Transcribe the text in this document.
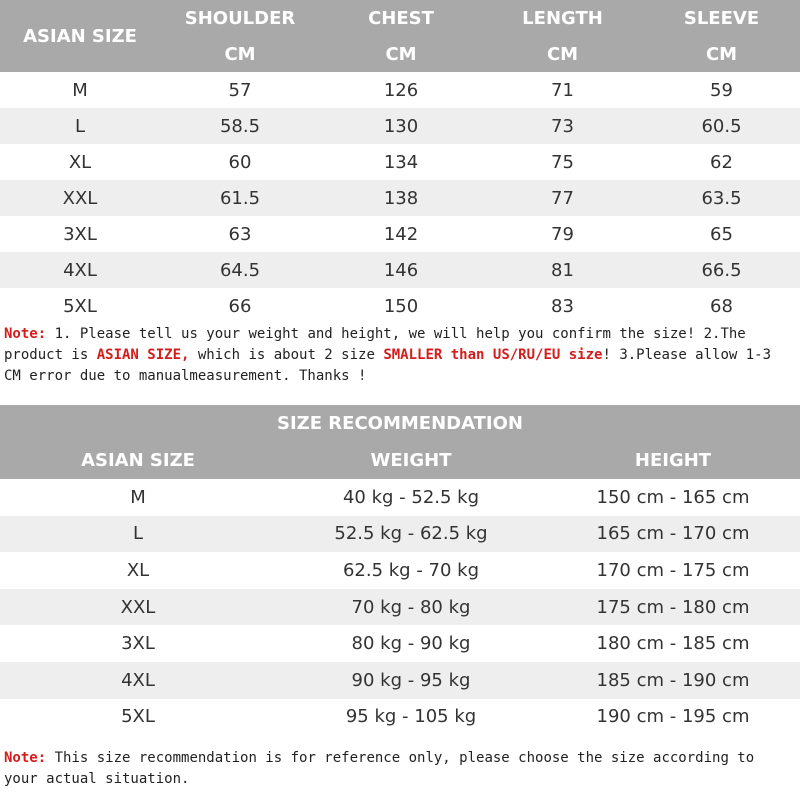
ASIAN SIZE	SHOULDER	CHEST	LENGTH	SLEEVE
	CM	CM	CM	CM
M	57	126	71	59
L	58.5	130	73	60.5
XL	60	134	75	62
XXL	61.5	138	77	63.5
3XL	63	142	79	65
4XL	64.5	146	81	66.5
5XL	66	150	83	68

Note: 1. Please tell us your weight and height, we will help you confirm the size! 2.The product is ASIAN SIZE, which is about 2 size SMALLER than US/RU/EU size! 3.Please allow 1-3 CM error due to manualmeasurement. Thanks !

SIZE RECOMMENDATION		
ASIAN SIZE	WEIGHT	HEIGHT
M	40 kg - 52.5 kg	150 cm - 165 cm
L	52.5 kg - 62.5 kg	165 cm - 170 cm
XL	62.5 kg - 70 kg	170 cm - 175 cm
XXL	70 kg - 80 kg	175 cm - 180 cm
3XL	80 kg - 90 kg	180 cm - 185 cm
4XL	90 kg - 95 kg	185 cm - 190 cm
5XL	95 kg - 105 kg	190 cm - 195 cm

Note: This size recommendation is for reference only, please choose the size according to your actual situation.
